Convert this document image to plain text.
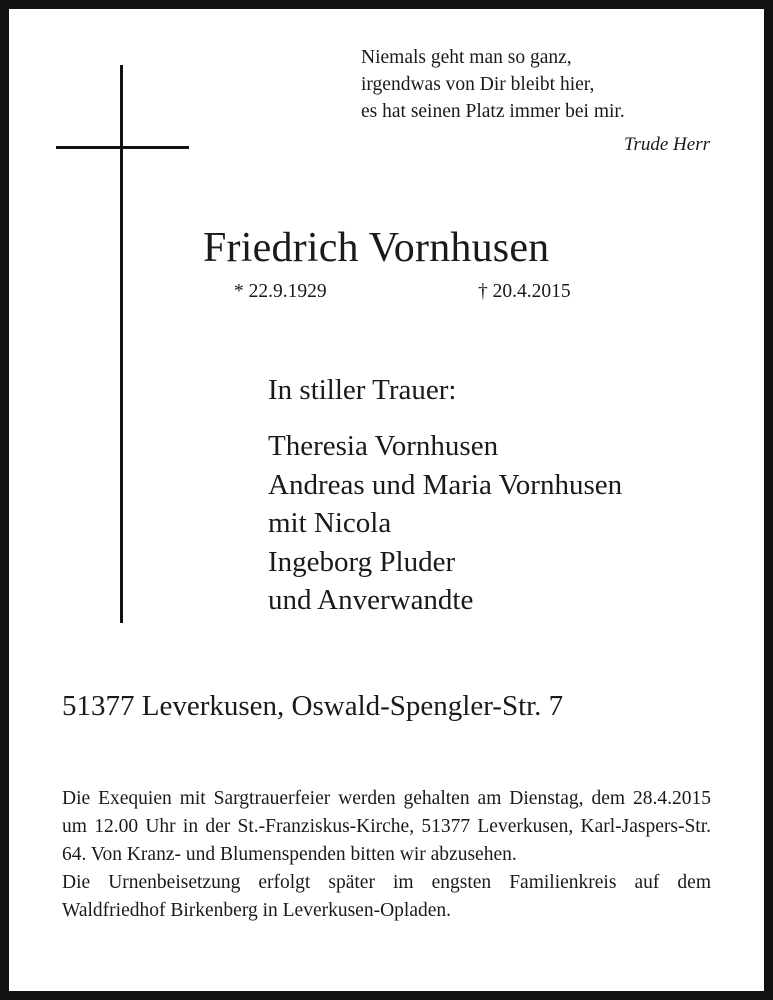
Niemals geht man so ganz,
irgendwas von Dir bleibt hier,
es hat seinen Platz immer bei mir.
Trude Herr
Friedrich Vornhusen
* 22.9.1929	† 20.4.2015
In stiller Trauer:
Theresia Vornhusen
Andreas und Maria Vornhusen
mit Nicola
Ingeborg Pluder
und Anverwandte
51377 Leverkusen, Oswald-Spengler-Str. 7

Die Exequien mit Sargtrauerfeier werden gehalten am Dienstag, dem 28.4.2015 um 12.00 Uhr in der St.-Franziskus-Kirche, 51377 Leverkusen, Karl-Jaspers-Str. 64. Von Kranz- und Blumenspenden bitten wir abzusehen.

Die Urnenbeisetzung erfolgt später im engsten Familienkreis auf dem Waldfriedhof Birkenberg in Leverkusen-Opladen.
